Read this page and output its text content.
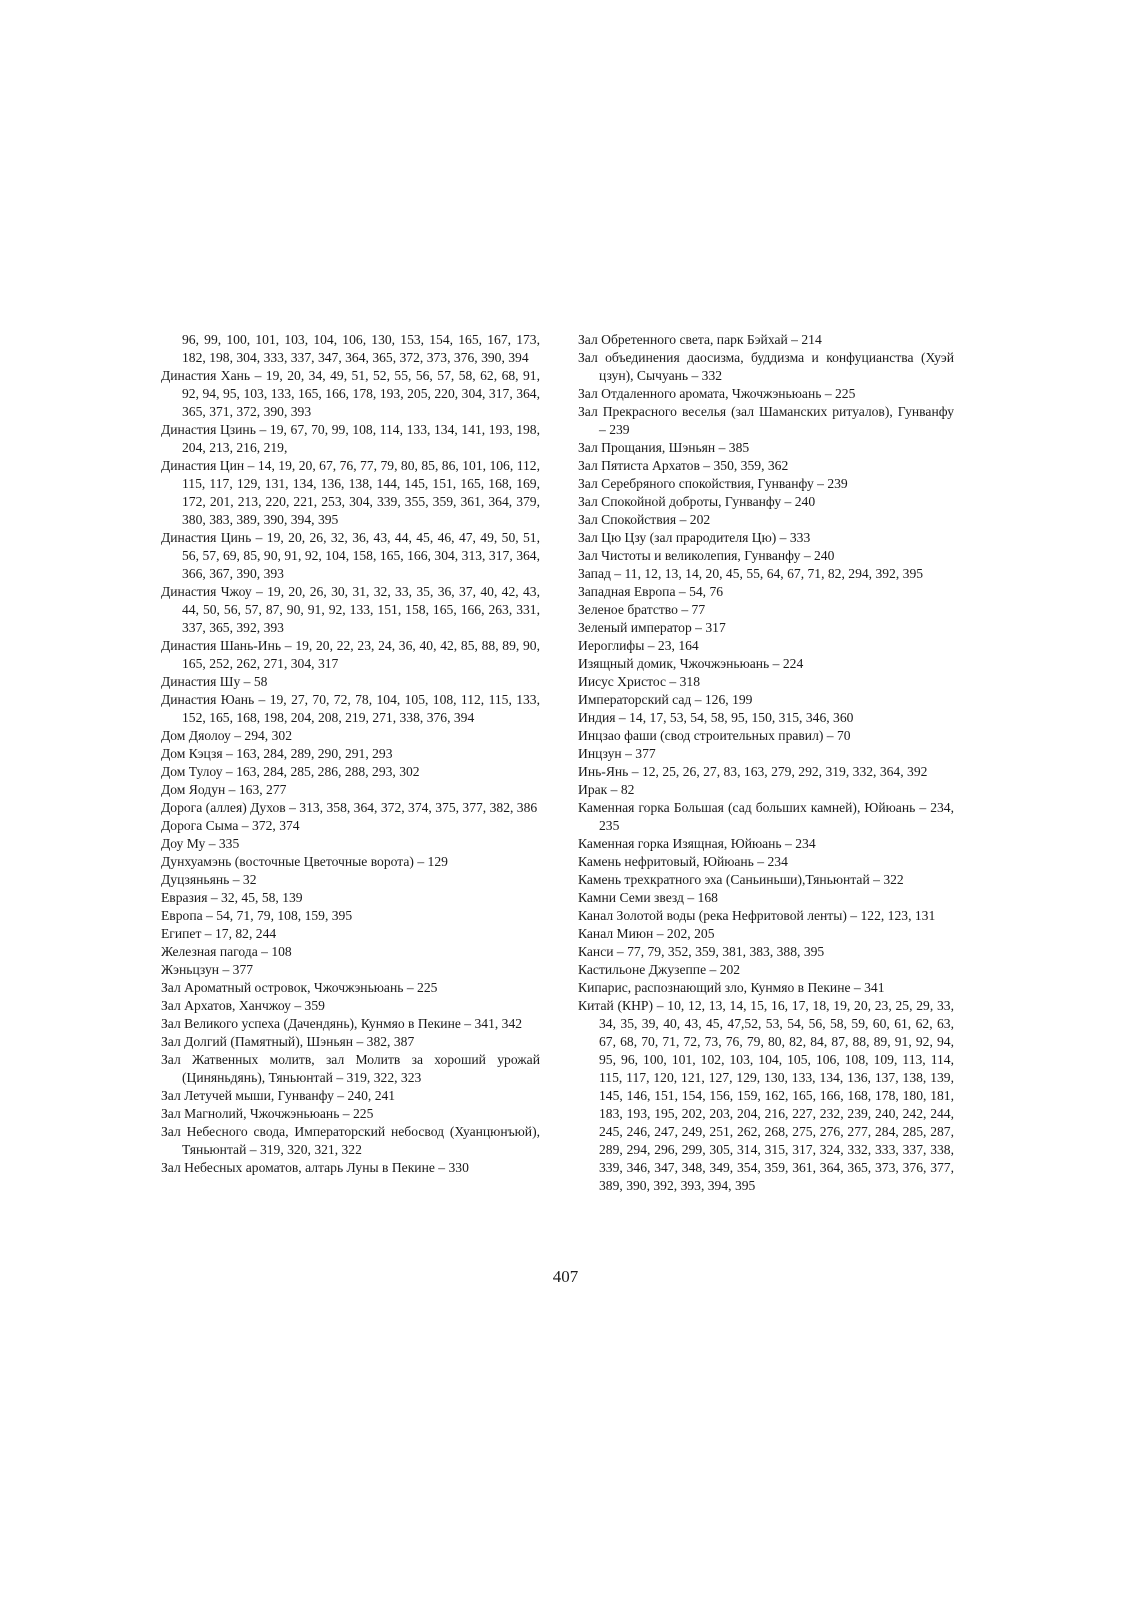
96, 99, 100, 101, 103, 104, 106, 130, 153, 154, 165, 167, 173, 182, 198, 304, 333, 337, 347, 364, 365, 372, 373, 376, 390, 394

Династия Хань – 19, 20, 34, 49, 51, 52, 55, 56, 57, 58, 62, 68, 91, 92, 94, 95, 103, 133, 165, 166, 178, 193, 205, 220, 304, 317, 364, 365, 371, 372, 390, 393

Династия Цзинь – 19, 67, 70, 99, 108, 114, 133, 134, 141, 193, 198, 204, 213, 216, 219,

Династия Цин – 14, 19, 20, 67, 76, 77, 79, 80, 85, 86, 101, 106, 112, 115, 117, 129, 131, 134, 136, 138, 144, 145, 151, 165, 168, 169, 172, 201, 213, 220, 221, 253, 304, 339, 355, 359, 361, 364, 379, 380, 383, 389, 390, 394, 395

Династия Цинь – 19, 20, 26, 32, 36, 43, 44, 45, 46, 47, 49, 50, 51, 56, 57, 69, 85, 90, 91, 92, 104, 158, 165, 166, 304, 313, 317, 364, 366, 367, 390, 393

Династия Чжоу – 19, 20, 26, 30, 31, 32, 33, 35, 36, 37, 40, 42, 43, 44, 50, 56, 57, 87, 90, 91, 92, 133, 151, 158, 165, 166, 263, 331, 337, 365, 392, 393

Династия Шань-Инь – 19, 20, 22, 23, 24, 36, 40, 42, 85, 88, 89, 90, 165, 252, 262, 271, 304, 317

Династия Шу – 58

Династия Юань – 19, 27, 70, 72, 78, 104, 105, 108, 112, 115, 133, 152, 165, 168, 198, 204, 208, 219, 271, 338, 376, 394

Дом Дяолоу – 294, 302

Дом Кэцзя – 163, 284, 289, 290, 291, 293

Дом Тулоу – 163, 284, 285, 286, 288, 293, 302

Дом Яодун – 163, 277

Дорога (аллея) Духов – 313, 358, 364, 372, 374, 375, 377, 382, 386

Дорога Сыма – 372, 374

Доу Му – 335

Дунхуамэнь (восточные Цветочные ворота) – 129

Дуцзяньянь – 32

Евразия – 32, 45, 58, 139

Европа – 54, 71, 79, 108, 159, 395

Египет – 17, 82, 244

Железная пагода – 108

Жэньцзун – 377

Зал Ароматный островок, Чжочжэньюань – 225

Зал Архатов, Ханчжоу – 359

Зал Великого успеха (Дачендянь), Кунмяо в Пекине – 341, 342

Зал Долгий (Памятный), Шэньян – 382, 387

Зал Жатвенных молитв, зал Молитв за хороший урожай (Циняньдянь), Тяньюнтай – 319, 322, 323

Зал Летучей мыши, Гунванфу – 240, 241

Зал Магнолий, Чжочжэньюань – 225

Зал Небесного свода, Императорский небосвод (Хуанцюнъюй), Тяньюнтай – 319, 320, 321, 322

Зал Небесных ароматов, алтарь Луны в Пекине – 330

Зал Обретенного света, парк Бэйхай – 214

Зал объединения даосизма, буддизма и конфуцианства (Хуэй цзун), Сычуань – 332

Зал Отдаленного аромата, Чжочжэньюань – 225

Зал Прекрасного веселья (зал Шаманских ритуалов), Гунванфу – 239

Зал Прощания, Шэньян – 385

Зал Пятиста Архатов – 350, 359, 362

Зал Серебряного спокойствия, Гунванфу – 239

Зал Спокойной доброты, Гунванфу – 240

Зал Спокойствия – 202

Зал Цю Цзу (зал прародителя Цю) – 333

Зал Чистоты и великолепия, Гунванфу – 240

Запад – 11, 12, 13, 14, 20, 45, 55, 64, 67, 71, 82, 294, 392, 395

Западная Европа – 54, 76

Зеленое братство – 77

Зеленый император – 317

Иероглифы – 23, 164

Изящный домик, Чжочжэньюань – 224

Иисус Христос – 318

Императорский сад – 126, 199

Индия – 14, 17, 53, 54, 58, 95, 150, 315, 346, 360

Инцзао фаши (свод строительных правил) – 70

Инцзун – 377

Инь-Янь – 12, 25, 26, 27, 83, 163, 279, 292, 319, 332, 364, 392

Ирак – 82

Каменная горка Большая (сад больших камней), Юйюань – 234, 235

Каменная горка Изящная, Юйюань – 234

Камень нефритовый, Юйюань – 234

Камень трехкратного эха (Саньиньши),Тяньюнтай – 322

Камни Семи звезд – 168

Канал Золотой воды (река Нефритовой ленты) – 122, 123, 131

Канал Миюн – 202, 205

Канси – 77, 79, 352, 359, 381, 383, 388, 395

Кастильоне Джузеппе – 202

Кипарис, распознающий зло, Кунмяо в Пекине – 341

Китай (КНР) – 10, 12, 13, 14, 15, 16, 17, 18, 19, 20, 23, 25, 29, 33, 34, 35, 39, 40, 43, 45, 47,52, 53, 54, 56, 58, 59, 60, 61, 62, 63, 67, 68, 70, 71, 72, 73, 76, 79, 80, 82, 84, 87, 88, 89, 91, 92, 94, 95, 96, 100, 101, 102, 103, 104, 105, 106, 108, 109, 113, 114, 115, 117, 120, 121, 127, 129, 130, 133, 134, 136, 137, 138, 139, 145, 146, 151, 154, 156, 159, 162, 165, 166, 168, 178, 180, 181, 183, 193, 195, 202, 203, 204, 216, 227, 232, 239, 240, 242, 244, 245, 246, 247, 249, 251, 262, 268, 275, 276, 277, 284, 285, 287, 289, 294, 296, 299, 305, 314, 315, 317, 324, 332, 333, 337, 338, 339, 346, 347, 348, 349, 354, 359, 361, 364, 365, 373, 376, 377, 389, 390, 392, 393, 394, 395

407
